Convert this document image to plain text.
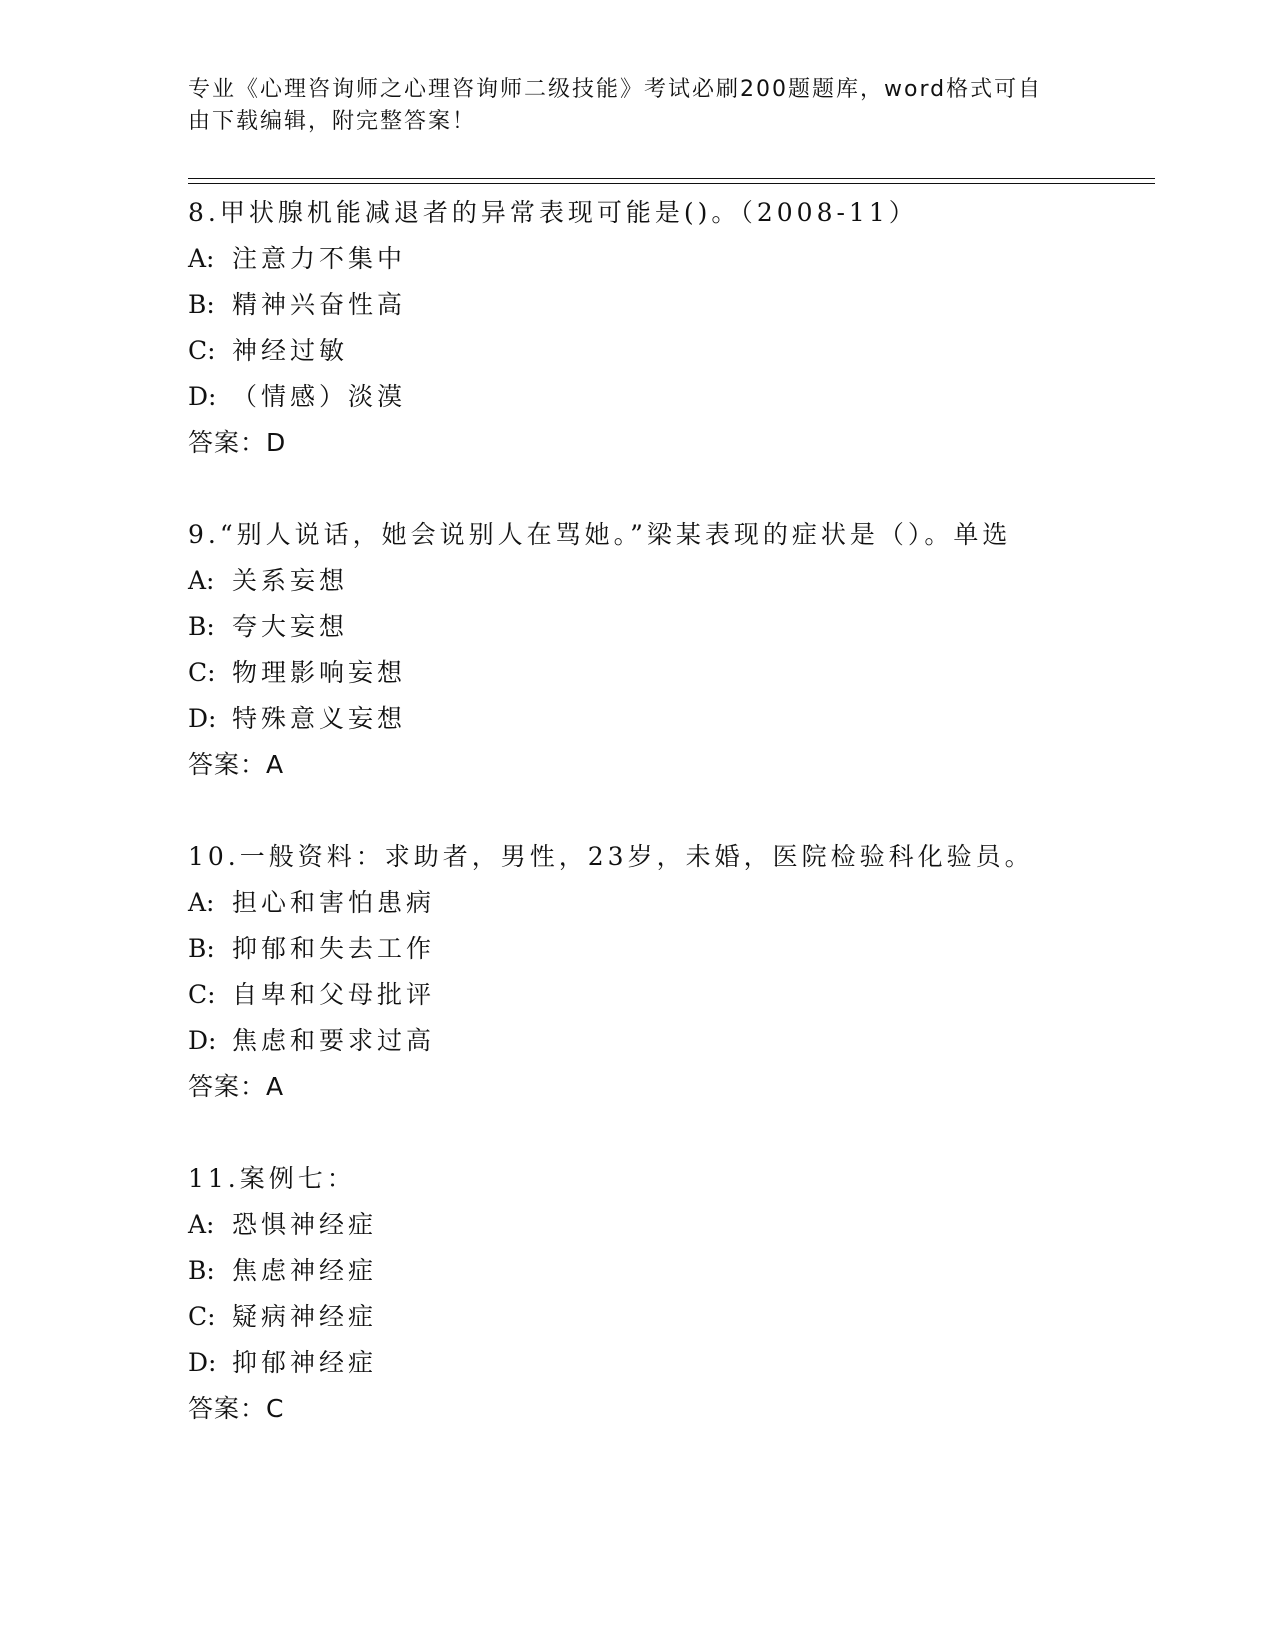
专业《心理咨询师之心理咨询师二级技能》考试必刷200题题库，word格式可自
由下载编辑，附完整答案！
8.甲状腺机能减退者的异常表现可能是()。（2008-11）
A: 注意力不集中
B: 精神兴奋性高
C: 神经过敏
D: （情感）淡漠
答案：D
9.“别人说话，她会说别人在骂她。”梁某表现的症状是（）。单选
A: 关系妄想
B: 夸大妄想
C: 物理影响妄想
D: 特殊意义妄想
答案：A
10.一般资料：求助者，男性，23岁，未婚，医院检验科化验员。
A: 担心和害怕患病
B: 抑郁和失去工作
C: 自卑和父母批评
D: 焦虑和要求过高
答案：A
11.案例七：
A: 恐惧神经症
B: 焦虑神经症
C: 疑病神经症
D: 抑郁神经症
答案：C
